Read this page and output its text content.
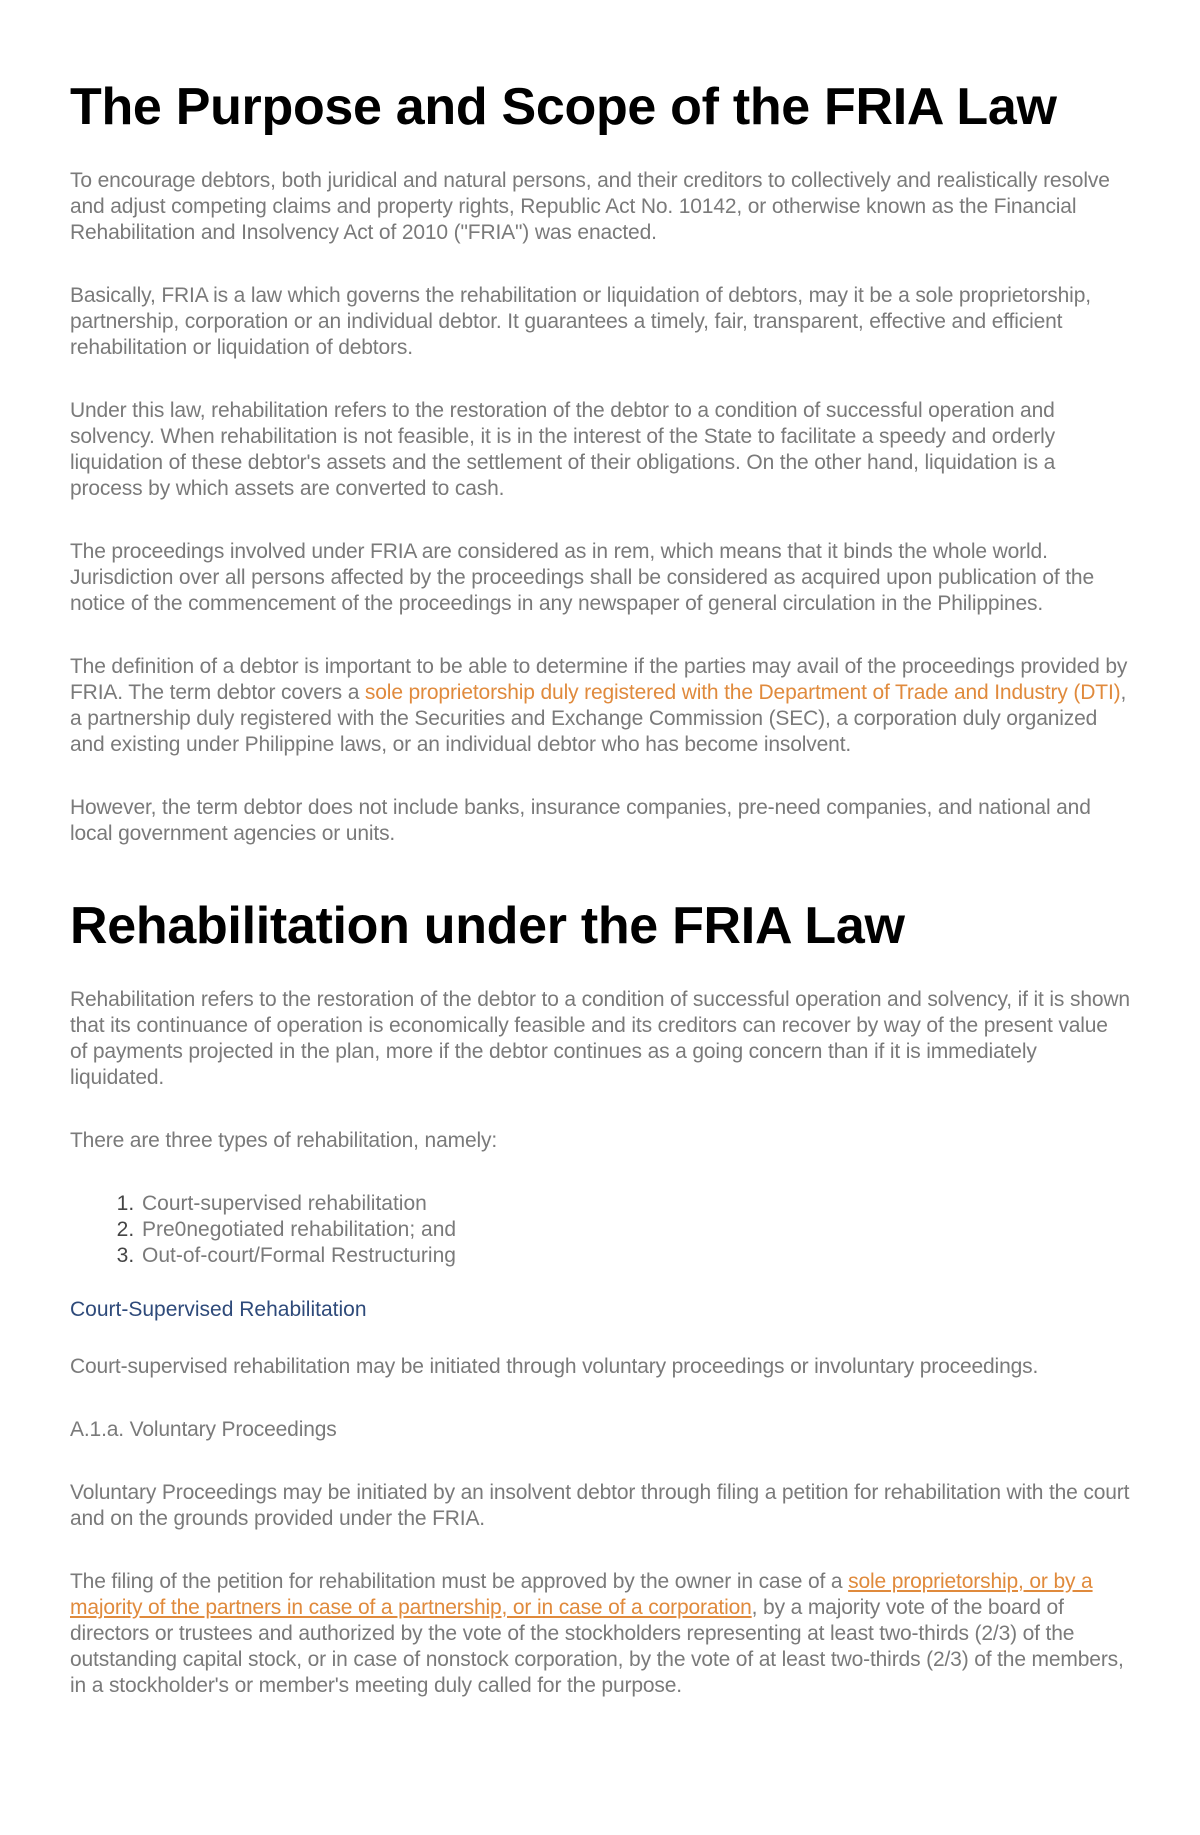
The Purpose and Scope of the FRIA Law

To encourage debtors, both juridical and natural persons, and their creditors to collectively and realistically resolve and adjust competing claims and property rights, Republic Act No. 10142, or otherwise known as the Financial Rehabilitation and Insolvency Act of 2010 ("FRIA") was enacted.

Basically, FRIA is a law which governs the rehabilitation or liquidation of debtors, may it be a sole proprietorship, partnership, corporation or an individual debtor. It guarantees a timely, fair, transparent, effective and efficient rehabilitation or liquidation of debtors.

Under this law, rehabilitation refers to the restoration of the debtor to a condition of successful operation and solvency. When rehabilitation is not feasible, it is in the interest of the State to facilitate a speedy and orderly liquidation of these debtor's assets and the settlement of their obligations. On the other hand, liquidation is a process by which assets are converted to cash.

The proceedings involved under FRIA are considered as in rem, which means that it binds the whole world. Jurisdiction over all persons affected by the proceedings shall be considered as acquired upon publication of the notice of the commencement of the proceedings in any newspaper of general circulation in the Philippines.

The definition of a debtor is important to be able to determine if the parties may avail of the proceedings provided by FRIA. The term debtor covers a sole proprietorship duly registered with the Department of Trade and Industry (DTI), a partnership duly registered with the Securities and Exchange Commission (SEC), a corporation duly organized and existing under Philippine laws, or an individual debtor who has become insolvent.

However, the term debtor does not include banks, insurance companies, pre-need companies, and national and local government agencies or units.

Rehabilitation under the FRIA Law

Rehabilitation refers to the restoration of the debtor to a condition of successful operation and solvency, if it is shown that its continuance of operation is economically feasible and its creditors can recover by way of the present value of payments projected in the plan, more if the debtor continues as a going concern than if it is immediately liquidated.

There are three types of rehabilitation, namely:

1. Court-supervised rehabilitation
2. Pre0negotiated rehabilitation; and
3. Out-of-court/Formal Restructuring
Court-Supervised Rehabilitation

Court-supervised rehabilitation may be initiated through voluntary proceedings or involuntary proceedings.

A.1.a. Voluntary Proceedings

Voluntary Proceedings may be initiated by an insolvent debtor through filing a petition for rehabilitation with the court and on the grounds provided under the FRIA.

The filing of the petition for rehabilitation must be approved by the owner in case of a sole proprietorship, or by a majority of the partners in case of a partnership, or in case of a corporation, by a majority vote of the board of directors or trustees and authorized by the vote of the stockholders representing at least two-thirds (2/3) of the outstanding capital stock, or in case of nonstock corporation, by the vote of at least two-thirds (2/3) of the members, in a stockholder's or member's meeting duly called for the purpose.
